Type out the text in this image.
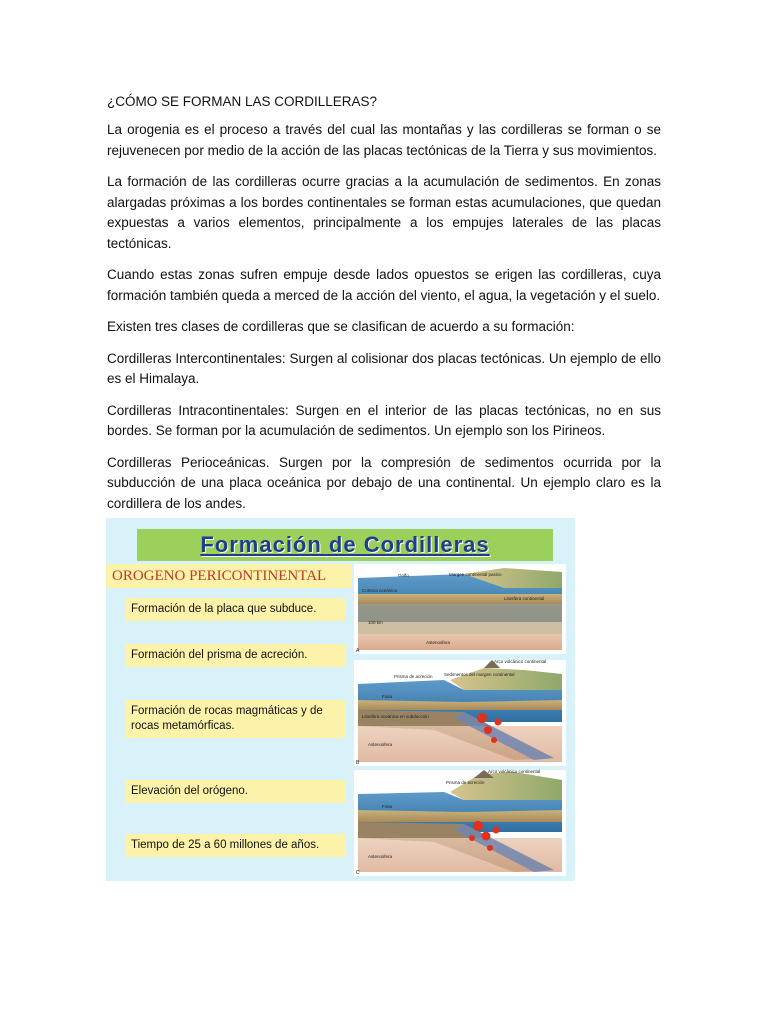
¿CÓMO SE FORMAN LAS CORDILLERAS?

La orogenia es el proceso a través del cual las montañas y las cordilleras se forman o se rejuvenecen por medio de la acción de las placas tectónicas de la Tierra y sus movimientos.

La formación de las cordilleras ocurre gracias a la acumulación de sedimentos. En zonas alargadas próximas a los bordes continentales se forman estas acumulaciones, que quedan expuestas a varios elementos, principalmente a los empujes laterales de las placas tectónicas.

Cuando estas zonas sufren empuje desde lados opuestos se erigen las cordilleras, cuya formación también queda a merced de la acción del viento, el agua, la vegetación y el suelo.

Existen tres clases de cordilleras que se clasifican de acuerdo a su formación:

Cordilleras Intercontinentales: Surgen al colisionar dos placas tectónicas. Un ejemplo de ello es el Himalaya.

Cordilleras Intracontinentales: Surgen en el interior de las placas tectónicas, no en sus bordes. Se forman por la acumulación de sedimentos. Un ejemplo son los Pirineos.

Cordilleras Perioceánicas. Surgen por la compresión de sedimentos ocurrida por la subducción de una placa oceánica por debajo de una continental. Un ejemplo claro es la cordillera de los andes.

Formación de Cordilleras
OROGENO PERICONTINENTAL
Formación de la placa que subduce.
Formación del prisma de acreción.
Formación de rocas magmáticas y de rocas metamórficas.
Elevación del orógeno.
Tiempo de 25 a 60 millones de años.
Golfo	Margen continental pasivo
Corteza oceánica
Litosfera continental
100 km
Astenosfera
A
Arco volcánico continental
Prisma de acreción	Sedimentos del margen continental
Fosa
Litosfera oceánica en subducción
Astenosfera
B
Arco volcánico continental
Prisma de acreción
Fosa
Astenosfera
C
